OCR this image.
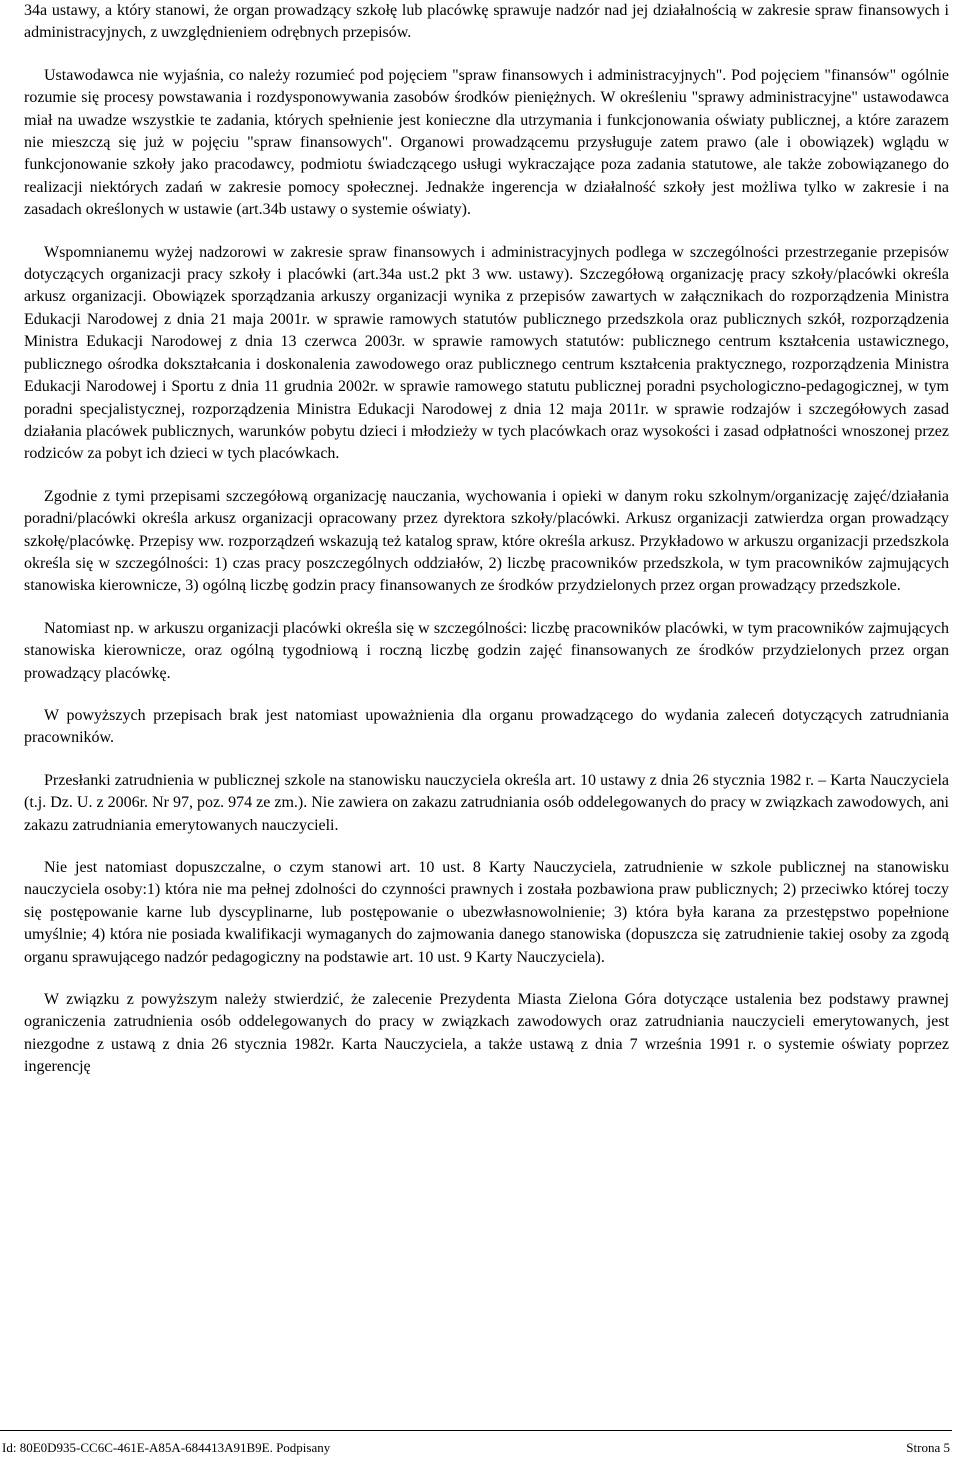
34a ustawy, a który stanowi, że organ prowadzący szkołę lub placówkę sprawuje nadzór nad jej działalnością w zakresie spraw finansowych i administracyjnych, z uwzględnieniem odrębnych przepisów.

Ustawodawca nie wyjaśnia, co należy rozumieć pod pojęciem "spraw finansowych i administracyjnych". Pod pojęciem "finansów" ogólnie rozumie się procesy powstawania i rozdysponowywania zasobów środków pieniężnych. W określeniu "sprawy administracyjne" ustawodawca miał na uwadze wszystkie te zadania, których spełnienie jest konieczne dla utrzymania i funkcjonowania oświaty publicznej, a które zarazem nie mieszczą się już w pojęciu "spraw finansowych". Organowi prowadzącemu przysługuje zatem prawo (ale i obowiązek) wglądu w funkcjonowanie szkoły jako pracodawcy, podmiotu świadczącego usługi wykraczające poza zadania statutowe, ale także zobowiązanego do realizacji niektórych zadań w zakresie pomocy społecznej. Jednakże ingerencja w działalność szkoły jest możliwa tylko w zakresie i na zasadach określonych w ustawie (art.34b ustawy o systemie oświaty).

Wspomnianemu wyżej nadzorowi w zakresie spraw finansowych i administracyjnych podlega w szczególności przestrzeganie przepisów dotyczących organizacji pracy szkoły i placówki (art.34a ust.2 pkt 3 ww. ustawy). Szczegółową organizację pracy szkoły/placówki określa arkusz organizacji. Obowiązek sporządzania arkuszy organizacji wynika z przepisów zawartych w załącznikach do rozporządzenia Ministra Edukacji Narodowej z dnia 21 maja 2001r. w sprawie ramowych statutów publicznego przedszkola oraz publicznych szkół, rozporządzenia Ministra Edukacji Narodowej z dnia 13 czerwca 2003r. w sprawie ramowych statutów: publicznego centrum kształcenia ustawicznego, publicznego ośrodka dokształcania i doskonalenia zawodowego oraz publicznego centrum kształcenia praktycznego, rozporządzenia Ministra Edukacji Narodowej i Sportu z dnia 11 grudnia 2002r. w sprawie ramowego statutu publicznej poradni psychologiczno-pedagogicznej, w tym poradni specjalistycznej, rozporządzenia Ministra Edukacji Narodowej z dnia 12 maja 2011r. w sprawie rodzajów i szczegółowych zasad działania placówek publicznych, warunków pobytu dzieci i młodzieży w tych placówkach oraz wysokości i zasad odpłatności wnoszonej przez rodziców za pobyt ich dzieci w tych placówkach.

Zgodnie z tymi przepisami szczegółową organizację nauczania, wychowania i opieki w danym roku szkolnym/organizację zajęć/działania poradni/placówki określa arkusz organizacji opracowany przez dyrektora szkoły/placówki. Arkusz organizacji zatwierdza organ prowadzący szkołę/placówkę. Przepisy ww. rozporządzeń wskazują też katalog spraw, które określa arkusz. Przykładowo w arkuszu organizacji przedszkola określa się w szczególności: 1) czas pracy poszczególnych oddziałów, 2) liczbę pracowników przedszkola, w tym pracowników zajmujących stanowiska kierownicze, 3) ogólną liczbę godzin pracy finansowanych ze środków przydzielonych przez organ prowadzący przedszkole.

Natomiast np. w arkuszu organizacji placówki określa się w szczególności: liczbę pracowników placówki, w tym pracowników zajmujących stanowiska kierownicze, oraz ogólną tygodniową i roczną liczbę godzin zajęć finansowanych ze środków przydzielonych przez organ prowadzący placówkę.

W powyższych przepisach brak jest natomiast upoważnienia dla organu prowadzącego do wydania zaleceń dotyczących zatrudniania pracowników.

Przesłanki zatrudnienia w publicznej szkole na stanowisku nauczyciela określa art. 10 ustawy z dnia 26 stycznia 1982 r. – Karta Nauczyciela (t.j. Dz. U. z 2006r. Nr 97, poz. 974 ze zm.). Nie zawiera on zakazu zatrudniania osób oddelegowanych do pracy w związkach zawodowych, ani zakazu zatrudniania emerytowanych nauczycieli.

Nie jest natomiast dopuszczalne, o czym stanowi art. 10 ust. 8 Karty Nauczyciela, zatrudnienie w szkole publicznej na stanowisku nauczyciela osoby:1) która nie ma pełnej zdolności do czynności prawnych i została pozbawiona praw publicznych; 2) przeciwko której toczy się postępowanie karne lub dyscyplinarne, lub postępowanie o ubezwłasnowolnienie; 3) która była karana za przestępstwo popełnione umyślnie; 4) która nie posiada kwalifikacji wymaganych do zajmowania danego stanowiska (dopuszcza się zatrudnienie takiej osoby za zgodą organu sprawującego nadzór pedagogiczny na podstawie art. 10 ust. 9 Karty Nauczyciela).

W związku z powyższym należy stwierdzić, że zalecenie Prezydenta Miasta Zielona Góra dotyczące ustalenia bez podstawy prawnej ograniczenia zatrudnienia osób oddelegowanych do pracy w związkach zawodowych oraz zatrudniania nauczycieli emerytowanych, jest niezgodne z ustawą z dnia 26 stycznia 1982r. Karta Nauczyciela, a także ustawą z dnia 7 września 1991 r. o systemie oświaty poprzez ingerencję

Id: 80E0D935-CC6C-461E-A85A-684413A91B9E. Podpisany	Strona 5
